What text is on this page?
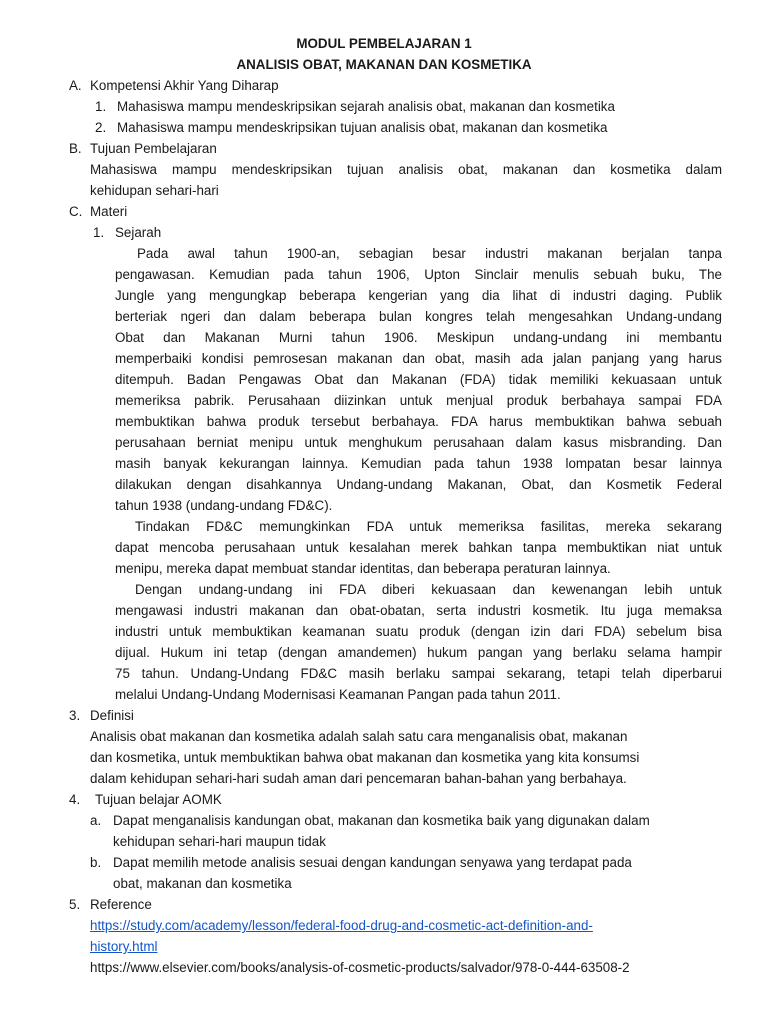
MODUL PEMBELAJARAN 1
ANALISIS OBAT, MAKANAN DAN KOSMETIKA
A. Kompetensi Akhir Yang Diharap
1. Mahasiswa mampu mendeskripsikan sejarah analisis obat, makanan dan kosmetika
2. Mahasiswa mampu mendeskripsikan tujuan analisis obat, makanan dan kosmetika
B. Tujuan Pembelajaran
Mahasiswa mampu mendeskripsikan tujuan analisis obat, makanan dan kosmetika dalam
kehidupan sehari-hari
C. Materi
1. Sejarah
Pada awal tahun 1900-an, sebagian besar industri makanan berjalan tanpa
pengawasan. Kemudian pada tahun 1906, Upton Sinclair menulis sebuah buku, The
Jungle yang mengungkap beberapa kengerian yang dia lihat di industri daging. Publik
berteriak ngeri dan dalam beberapa bulan kongres telah mengesahkan Undang-undang
Obat dan Makanan Murni tahun 1906. Meskipun undang-undang ini membantu
memperbaiki kondisi pemrosesan makanan dan obat, masih ada jalan panjang yang harus
ditempuh. Badan Pengawas Obat dan Makanan (FDA) tidak memiliki kekuasaan untuk
memeriksa pabrik. Perusahaan diizinkan untuk menjual produk berbahaya sampai FDA
membuktikan bahwa produk tersebut berbahaya. FDA harus membuktikan bahwa sebuah
perusahaan berniat menipu untuk menghukum perusahaan dalam kasus misbranding. Dan
masih banyak kekurangan lainnya. Kemudian pada tahun 1938 lompatan besar lainnya
dilakukan dengan disahkannya Undang-undang Makanan, Obat, dan Kosmetik Federal
tahun 1938 (undang-undang FD&C).
Tindakan FD&C memungkinkan FDA untuk memeriksa fasilitas, mereka sekarang
dapat mencoba perusahaan untuk kesalahan merek bahkan tanpa membuktikan niat untuk
menipu, mereka dapat membuat standar identitas, dan beberapa peraturan lainnya.
Dengan undang-undang ini FDA diberi kekuasaan dan kewenangan lebih untuk
mengawasi industri makanan dan obat-obatan, serta industri kosmetik. Itu juga memaksa
industri untuk membuktikan keamanan suatu produk (dengan izin dari FDA) sebelum bisa
dijual. Hukum ini tetap (dengan amandemen) hukum pangan yang berlaku selama hampir
75 tahun. Undang-Undang FD&C masih berlaku sampai sekarang, tetapi telah diperbarui
melalui Undang-Undang Modernisasi Keamanan Pangan pada tahun 2011.
3. Definisi
Analisis obat makanan dan kosmetika adalah salah satu cara menganalisis obat, makanan
dan kosmetika, untuk membuktikan bahwa obat makanan dan kosmetika yang kita konsumsi
dalam kehidupan sehari-hari sudah aman dari pencemaran bahan-bahan yang berbahaya.
4. Tujuan belajar AOMK
a. Dapat menganalisis kandungan obat, makanan dan kosmetika baik yang digunakan dalam
kehidupan sehari-hari maupun tidak
b. Dapat memilih metode analisis sesuai dengan kandungan senyawa yang terdapat pada
obat, makanan dan kosmetika
5. Reference
https://study.com/academy/lesson/federal-food-drug-and-cosmetic-act-definition-and-
history.html
https://www.elsevier.com/books/analysis-of-cosmetic-products/salvador/978-0-444-63508-2
